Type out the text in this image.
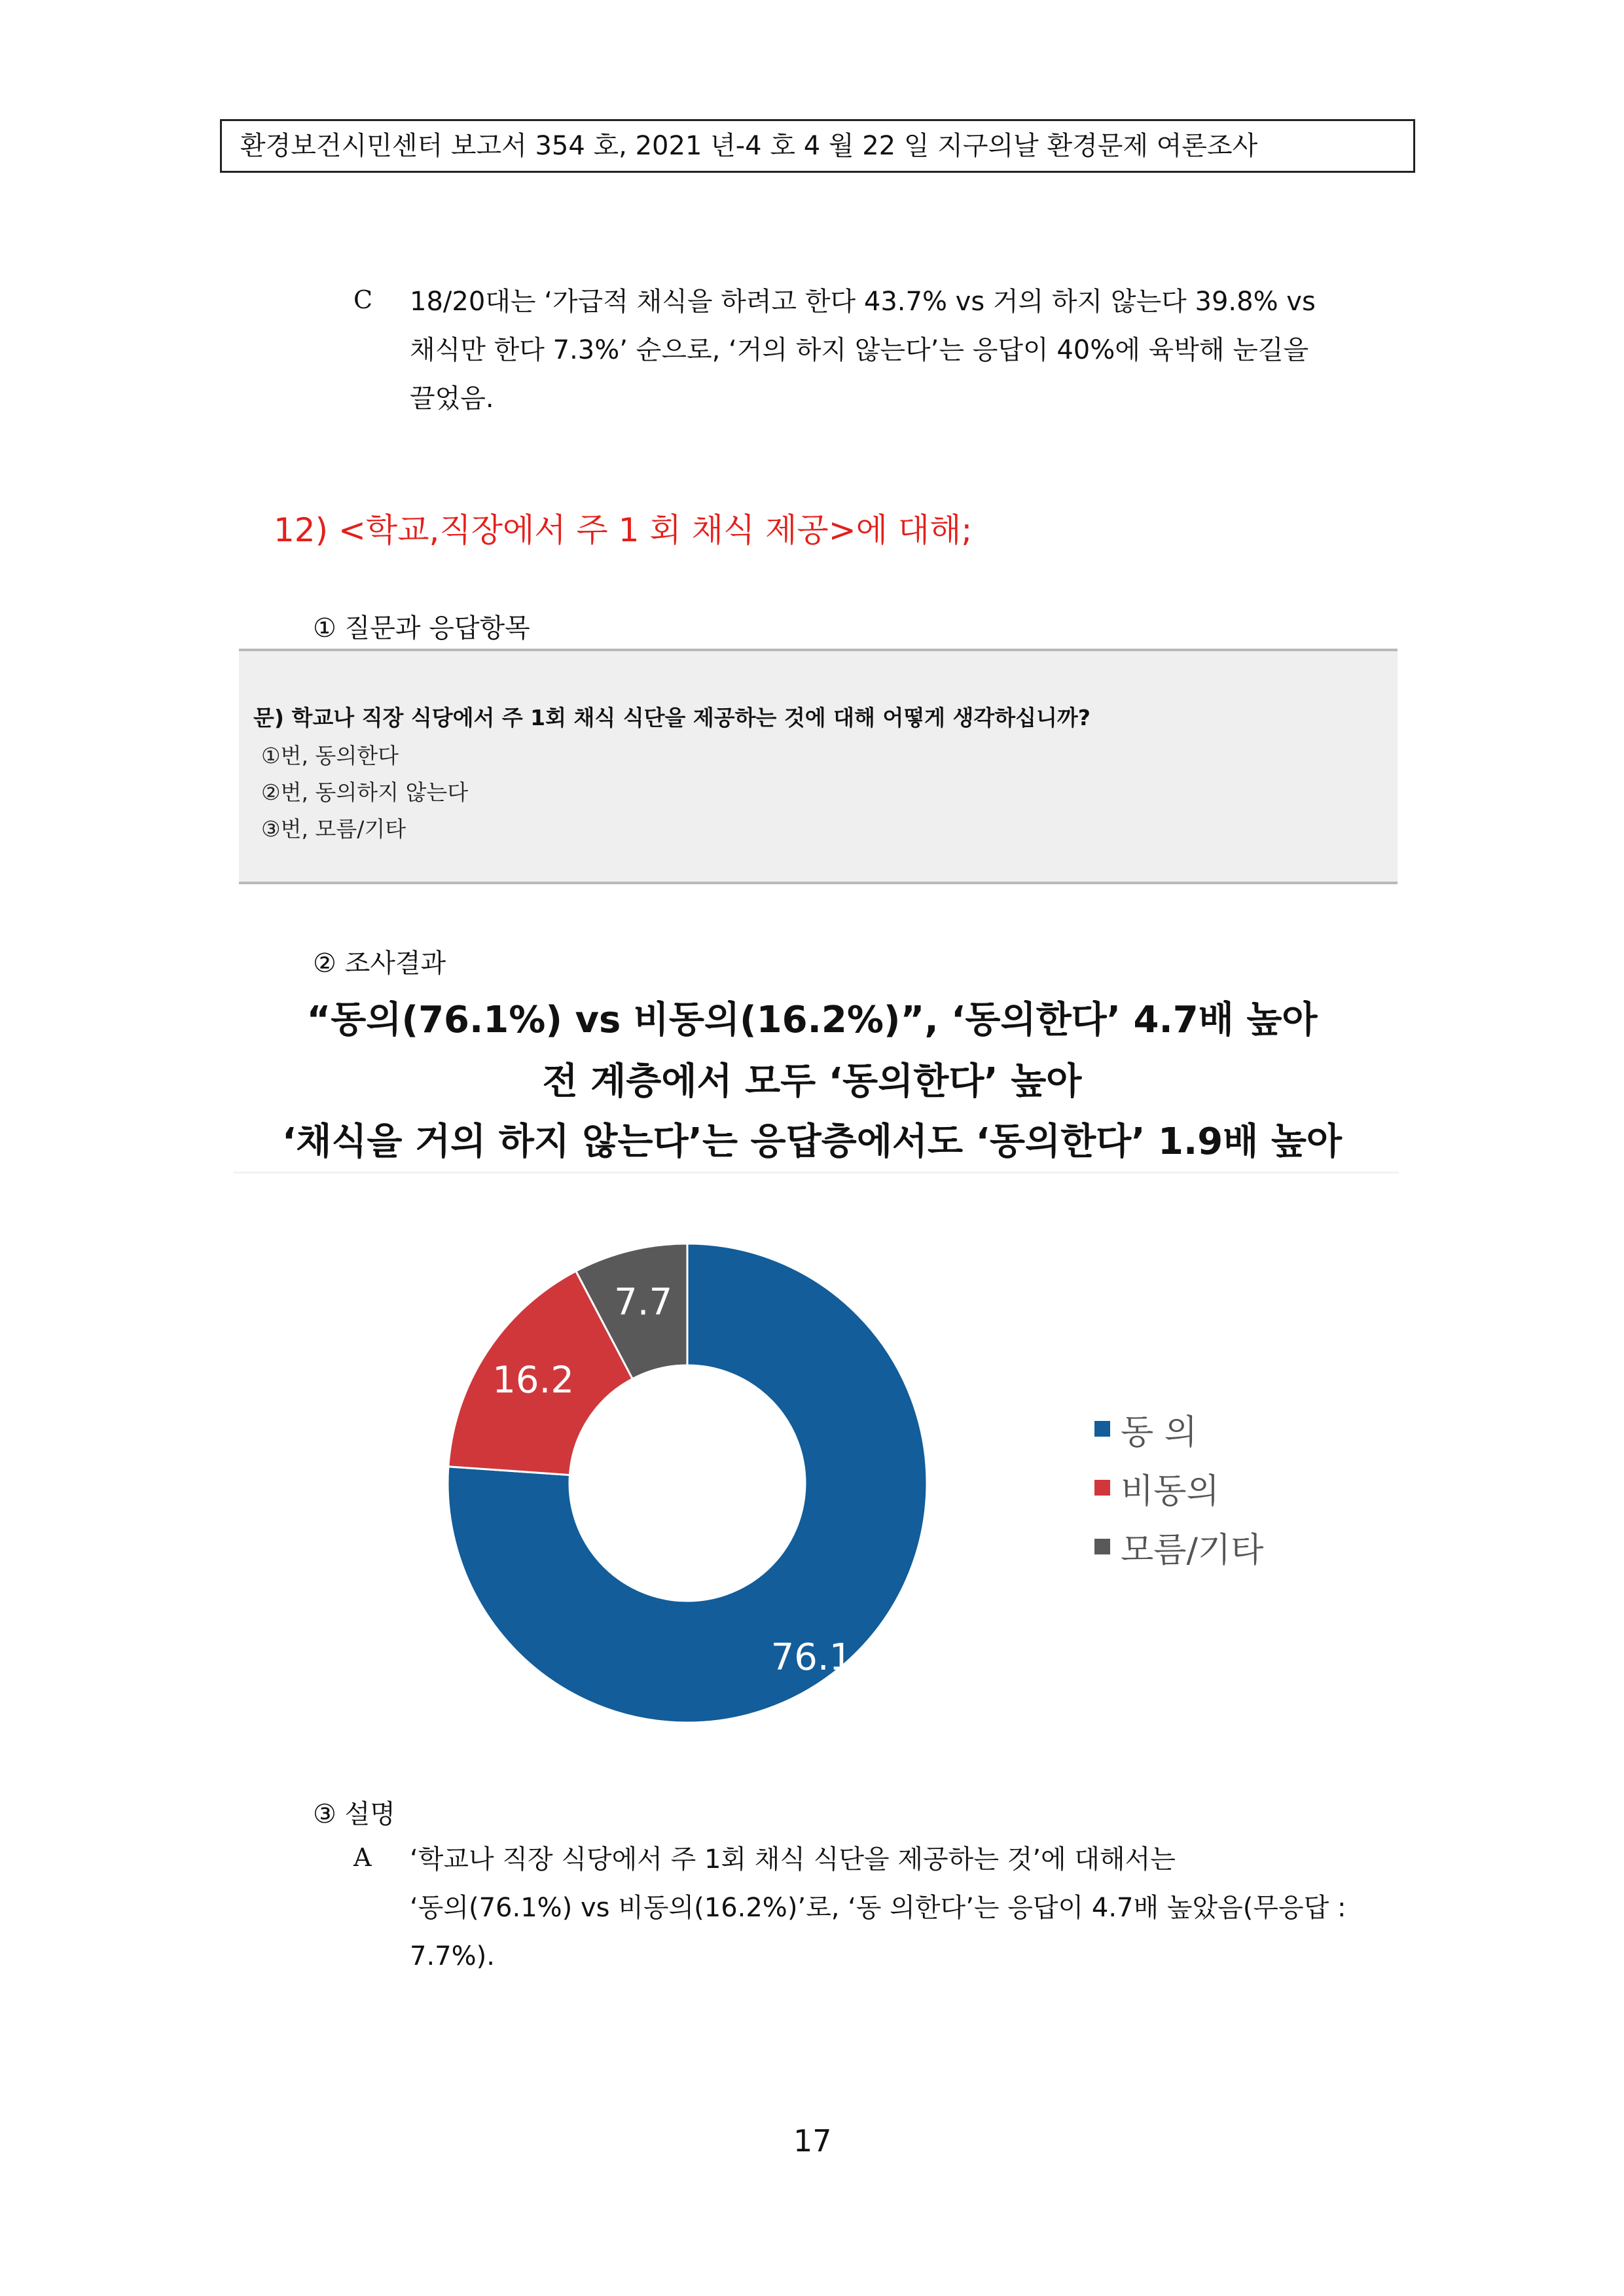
환경보건시민센터 보고서 354 호, 2021 년-4 호 4 월 22 일 지구의날 환경문제 여론조사
C 18/20대는 ‘가급적 채식을 하려고 한다 43.7% vs 거의 하지 않는다 39.8% vs
채식만 한다 7.3%’ 순으로, ‘거의 하지 않는다’는 응답이 40%에 육박해 눈길을
끌었음.
12) <학교,직장에서 주 1 회 채식 제공>에 대해;
① 질문과 응답항목
문) 학교나 직장 식당에서 주 1회 채식 식단을 제공하는 것에 대해 어떻게 생각하십니까?
①번, 동의한다
②번, 동의하지 않는다
③번, 모름/기타
② 조사결과
“동의(76.1%) vs 비동의(16.2%)”, ‘동의한다’ 4.7배 높아
전 계층에서 모두 ‘동의한다’ 높아
‘채식을 거의 하지 않는다’는 응답층에서도 ‘동의한다’ 1.9배 높아
76.1
16.2
7.7
동 의
비동의
모름/기타
③ 설명
A ‘학교나 직장 식당에서 주 1회 채식 식단을 제공하는 것’에 대해서는
‘동의(76.1%) vs 비동의(16.2%)’로, ‘동 의한다’는 응답이 4.7배 높았음(무응답 :
7.7%).
17
